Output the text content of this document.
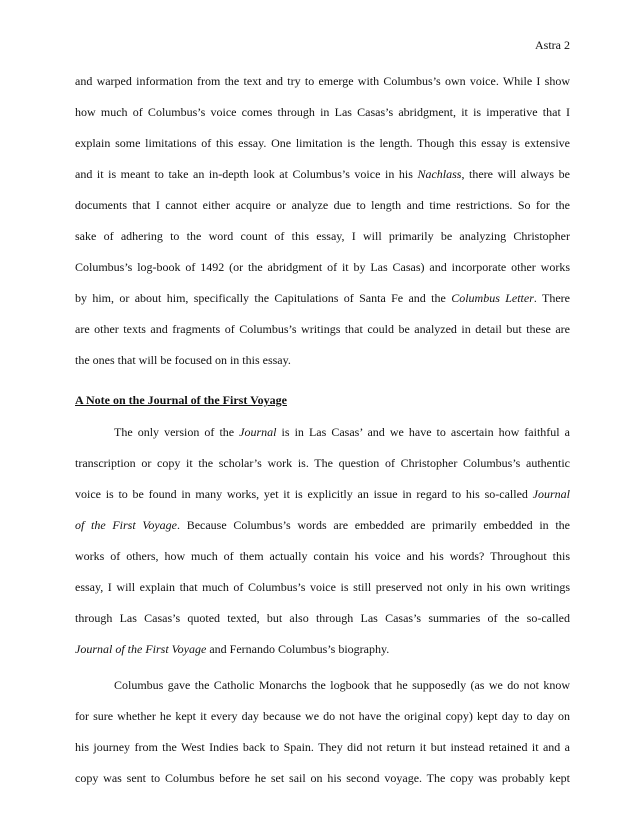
Astra 2
and warped information from the text and try to emerge with Columbus’s own voice. While I show
how much of Columbus’s voice comes through in Las Casas’s abridgment, it is imperative that I
explain some limitations of this essay. One limitation is the length. Though this essay is extensive
and it is meant to take an in-depth look at Columbus’s voice in his Nachlass, there will always be
documents that I cannot either acquire or analyze due to length and time restrictions. So for the
sake of adhering to the word count of this essay, I will primarily be analyzing Christopher
Columbus’s log-book of 1492 (or the abridgment of it by Las Casas) and incorporate other works
by him, or about him, specifically the Capitulations of Santa Fe and the Columbus Letter. There
are other texts and fragments of Columbus’s writings that could be analyzed in detail but these are
the ones that will be focused on in this essay.
A Note on the Journal of the First Voyage
The only version of the Journal is in Las Casas’ and we have to ascertain how faithful a
transcription or copy it the scholar’s work is. The question of Christopher Columbus’s authentic
voice is to be found in many works, yet it is explicitly an issue in regard to his so-called Journal
of the First Voyage. Because Columbus’s words are embedded are primarily embedded in the
works of others, how much of them actually contain his voice and his words? Throughout this
essay, I will explain that much of Columbus’s voice is still preserved not only in his own writings
through Las Casas’s quoted texted, but also through Las Casas’s summaries of the so-called
Journal of the First Voyage and Fernando Columbus’s biography.
Columbus gave the Catholic Monarchs the logbook that he supposedly (as we do not know
for sure whether he kept it every day because we do not have the original copy) kept day to day on
his journey from the West Indies back to Spain. They did not return it but instead retained it and a
copy was sent to Columbus before he set sail on his second voyage. The copy was probably kept
